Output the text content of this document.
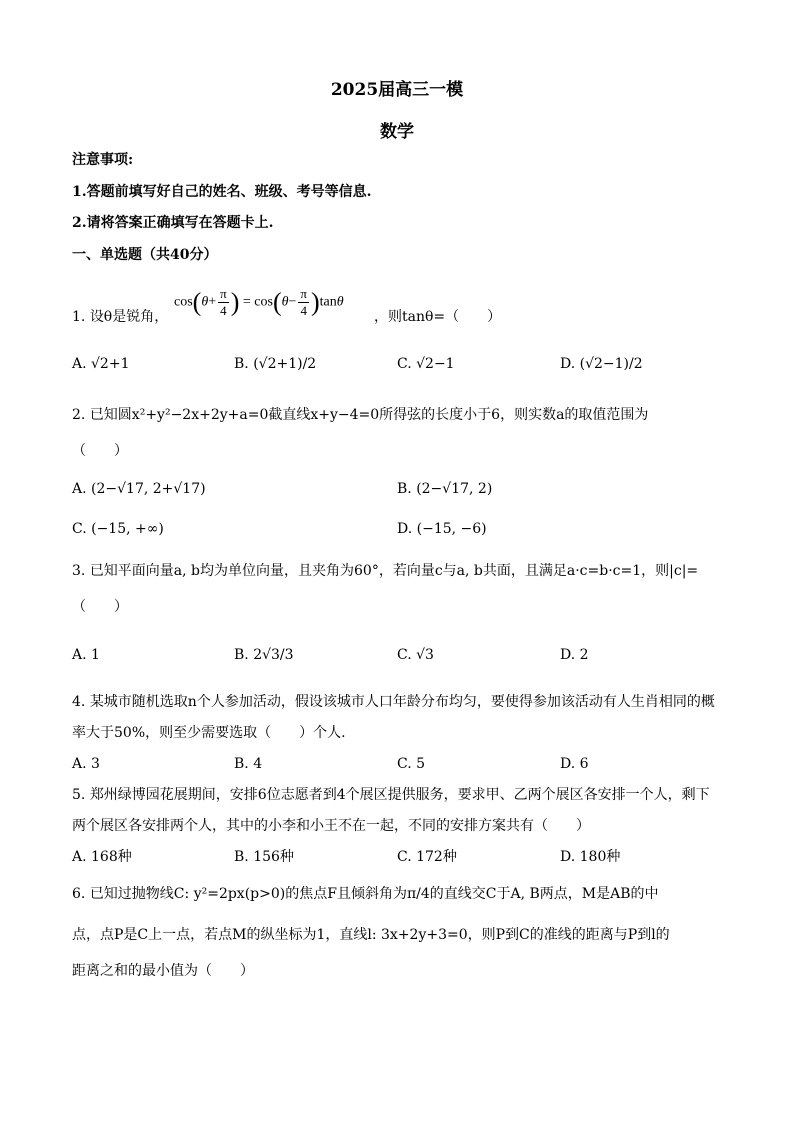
2025届高三一模
数学
注意事项:
1.答题前填写好自己的姓名、班级、考号等信息.
2.请将答案正确填写在答题卡上.
一、单选题（共40分）
1. 设θ是锐角，
$\cos(\theta+ \frac{\pi}{4}$ ) = $\cos(\theta- \frac{\pi}{4} )\tan\theta$
，则tanθ=（　　）
A. √2+1	B. (√2+1)/2	C. √2−1	D. (√2−1)/2
2. 已知圆x²+y²−2x+2y+a=0截直线x+y−4=0所得弦的长度小于6，则实数a的取值范围为
（　　）
A. (2−√17, 2+√17)	B. (2−√17, 2)
C. (−15, +∞)	D. (−15, −6)
3. 已知平面向量a, b均为单位向量，且夹角为60°，若向量c与a, b共面，且满足a·c=b·c=1，则|c|=
（　　）
A. 1	B. 2√3/3	C. √3	D. 2
4. 某城市随机选取n个人参加活动，假设该城市人口年龄分布均匀，要使得参加该活动有人生肖相同的概
率大于50%，则至少需要选取（　　）个人.
A. 3	B. 4	C. 5	D. 6
5. 郑州绿博园花展期间，安排6位志愿者到4个展区提供服务，要求甲、乙两个展区各安排一个人，剩下
两个展区各安排两个人，其中的小李和小王不在一起，不同的安排方案共有（　　）
A. 168种	B. 156种	C. 172种	D. 180种
6. 已知过抛物线C: y²=2px(p>0)的焦点F且倾斜角为π/4的直线交C于A, B两点，M是AB的中
点，点P是C上一点，若点M的纵坐标为1，直线l: 3x+2y+3=0，则P到C的准线的距离与P到l的
距离之和的最小值为（　　）
